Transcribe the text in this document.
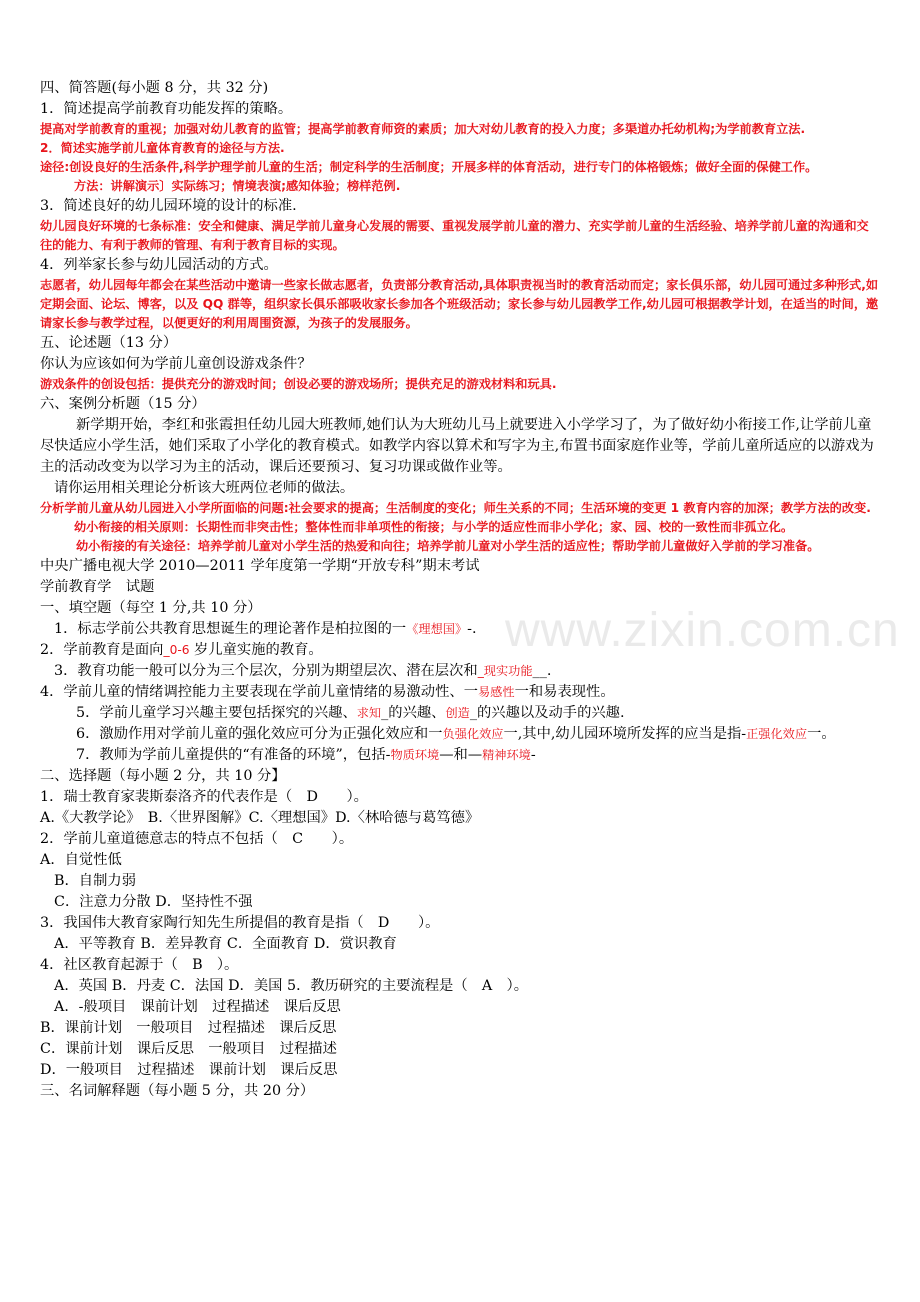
四、简答题(每小题 8 分，共 32 分)

1．简述提高学前教育功能发挥的策略。

提高对学前教育的重视；加强对幼儿教育的监管；提高学前教育师资的素质；加大对幼儿教育的投入力度；多渠道办托幼机构;为学前教育立法.

2．简述实施学前儿童体育教育的途径与方法.

途径:创设良好的生活条件,科学护理学前儿童的生活；制定科学的生活制度；开展多样的体育活动，进行专门的体格锻炼；做好全面的保健工作。

方法：讲解演示〕实际练习；情境表演;感知体验；榜样范例.

3．简述良好的幼儿园环境的设计的标准.

幼儿园良好环境的七条标准：安全和健康、满足学前儿童身心发展的需要、重视发展学前儿童的潜力、充实学前儿童的生活经验、培养学前儿童的沟通和交往的能力、有利于教师的管理、有利于教育目标的实现。

4．列举家长参与幼儿园活动的方式。

志愿者，幼儿园每年都会在某些活动中邀请一些家长做志愿者，负责部分教育活动,具体职责视当时的教育活动而定；家长俱乐部，幼儿园可通过多种形式,如定期会面、论坛、博客，以及 QQ 群等，组织家长俱乐部吸收家长参加各个班级活动；家长参与幼儿园教学工作,幼儿园可根据教学计划，在适当的时间，邀请家长参与教学过程，以便更好的利用周围资源，为孩子的发展服务。

五、论述题（13 分）

你认为应该如何为学前儿童创设游戏条件？

游戏条件的创设包括：提供充分的游戏时间；创设必要的游戏场所；提供充足的游戏材料和玩具.

六、案例分析题（15 分）

新学期开始，李红和张霞担任幼儿园大班教师,她们认为大班幼儿马上就要进入小学学习了，为了做好幼小衔接工作,让学前儿童尽快适应小学生活，她们采取了小学化的教育模式。如教学内容以算术和写字为主,布置书面家庭作业等，学前儿童所适应的以游戏为主的活动改变为以学习为主的活动，课后还要预习、复习功课或做作业等。

请你运用相关理论分析该大班两位老师的做法。

分析学前儿童从幼儿园进入小学所面临的问题:社会要求的提高；生活制度的变化；师生关系的不同；生活环境的变更 1 教育内容的加深；教学方法的改变.

幼小衔接的相关原则：长期性而非突击性；整体性而非单项性的衔接；与小学的适应性而非小学化；家、园、校的一致性而非孤立化。

幼小衔接的有关途径：培养学前儿童对小学生活的热爱和向往；培养学前儿童对小学生活的适应性；帮助学前儿童做好入学前的学习准备。

中央广播电视大学 2010—2011 学年度第一学期“开放专科”期末考试

学前教育学　试题

一、填空题（每空 1 分,共 10 分）

1．标志学前公共教育思想诞生的理论著作是柏拉图的一《理想国》-.

2．学前教育是面向_0-6 岁儿童实施的教育。

3．教育功能一般可以分为三个层次，分别为期望层次、潜在层次和_现实功能__.

4．学前儿童的情绪调控能力主要表现在学前儿童情绪的易激动性、一易感性一和易表现性。

5．学前儿童学习兴趣主要包括探究的兴趣、求知_的兴趣、创造_的兴趣以及动手的兴趣.

6．激励作用对学前儿童的强化效应可分为正强化效应和一负强化效应一,其中,幼儿园环境所发挥的应当是指-正强化效应一。

7．教师为学前儿童提供的“有准备的环境”，包括-物质环境—和—精神环境-

二、选择题（每小题 2 分，共 10 分】

1．瑞士教育家裴斯泰洛齐的代表作是（　D　　）。

A.《大教学论》　B.〈世界图解》C.〈理想国》D.〈林哈德与葛笃德》

2．学前儿童道德意志的特点不包括（　C　　）。

A．自觉性低

B．自制力弱

C．注意力分散 D．坚持性不强

3．我国伟大教育家陶行知先生所提倡的教育是指（　D　　）。

A．平等教育 B．差异教育 C．全面教育 D．赏识教育

4．社区教育起源于（　B　）。

A．英国 B．丹麦 C．法国 D．美国 5．教历研究的主要流程是（　A　）。

A．-般项目　课前计划　过程描述　课后反思

B．课前计划　一般项目　过程描述　课后反思

C．课前计划　课后反思　一般项目　过程描述

D．一般项目　过程描述　课前计划　课后反思

三、名词解释题（每小题 5 分，共 20 分）

www.zixin.com.cn
